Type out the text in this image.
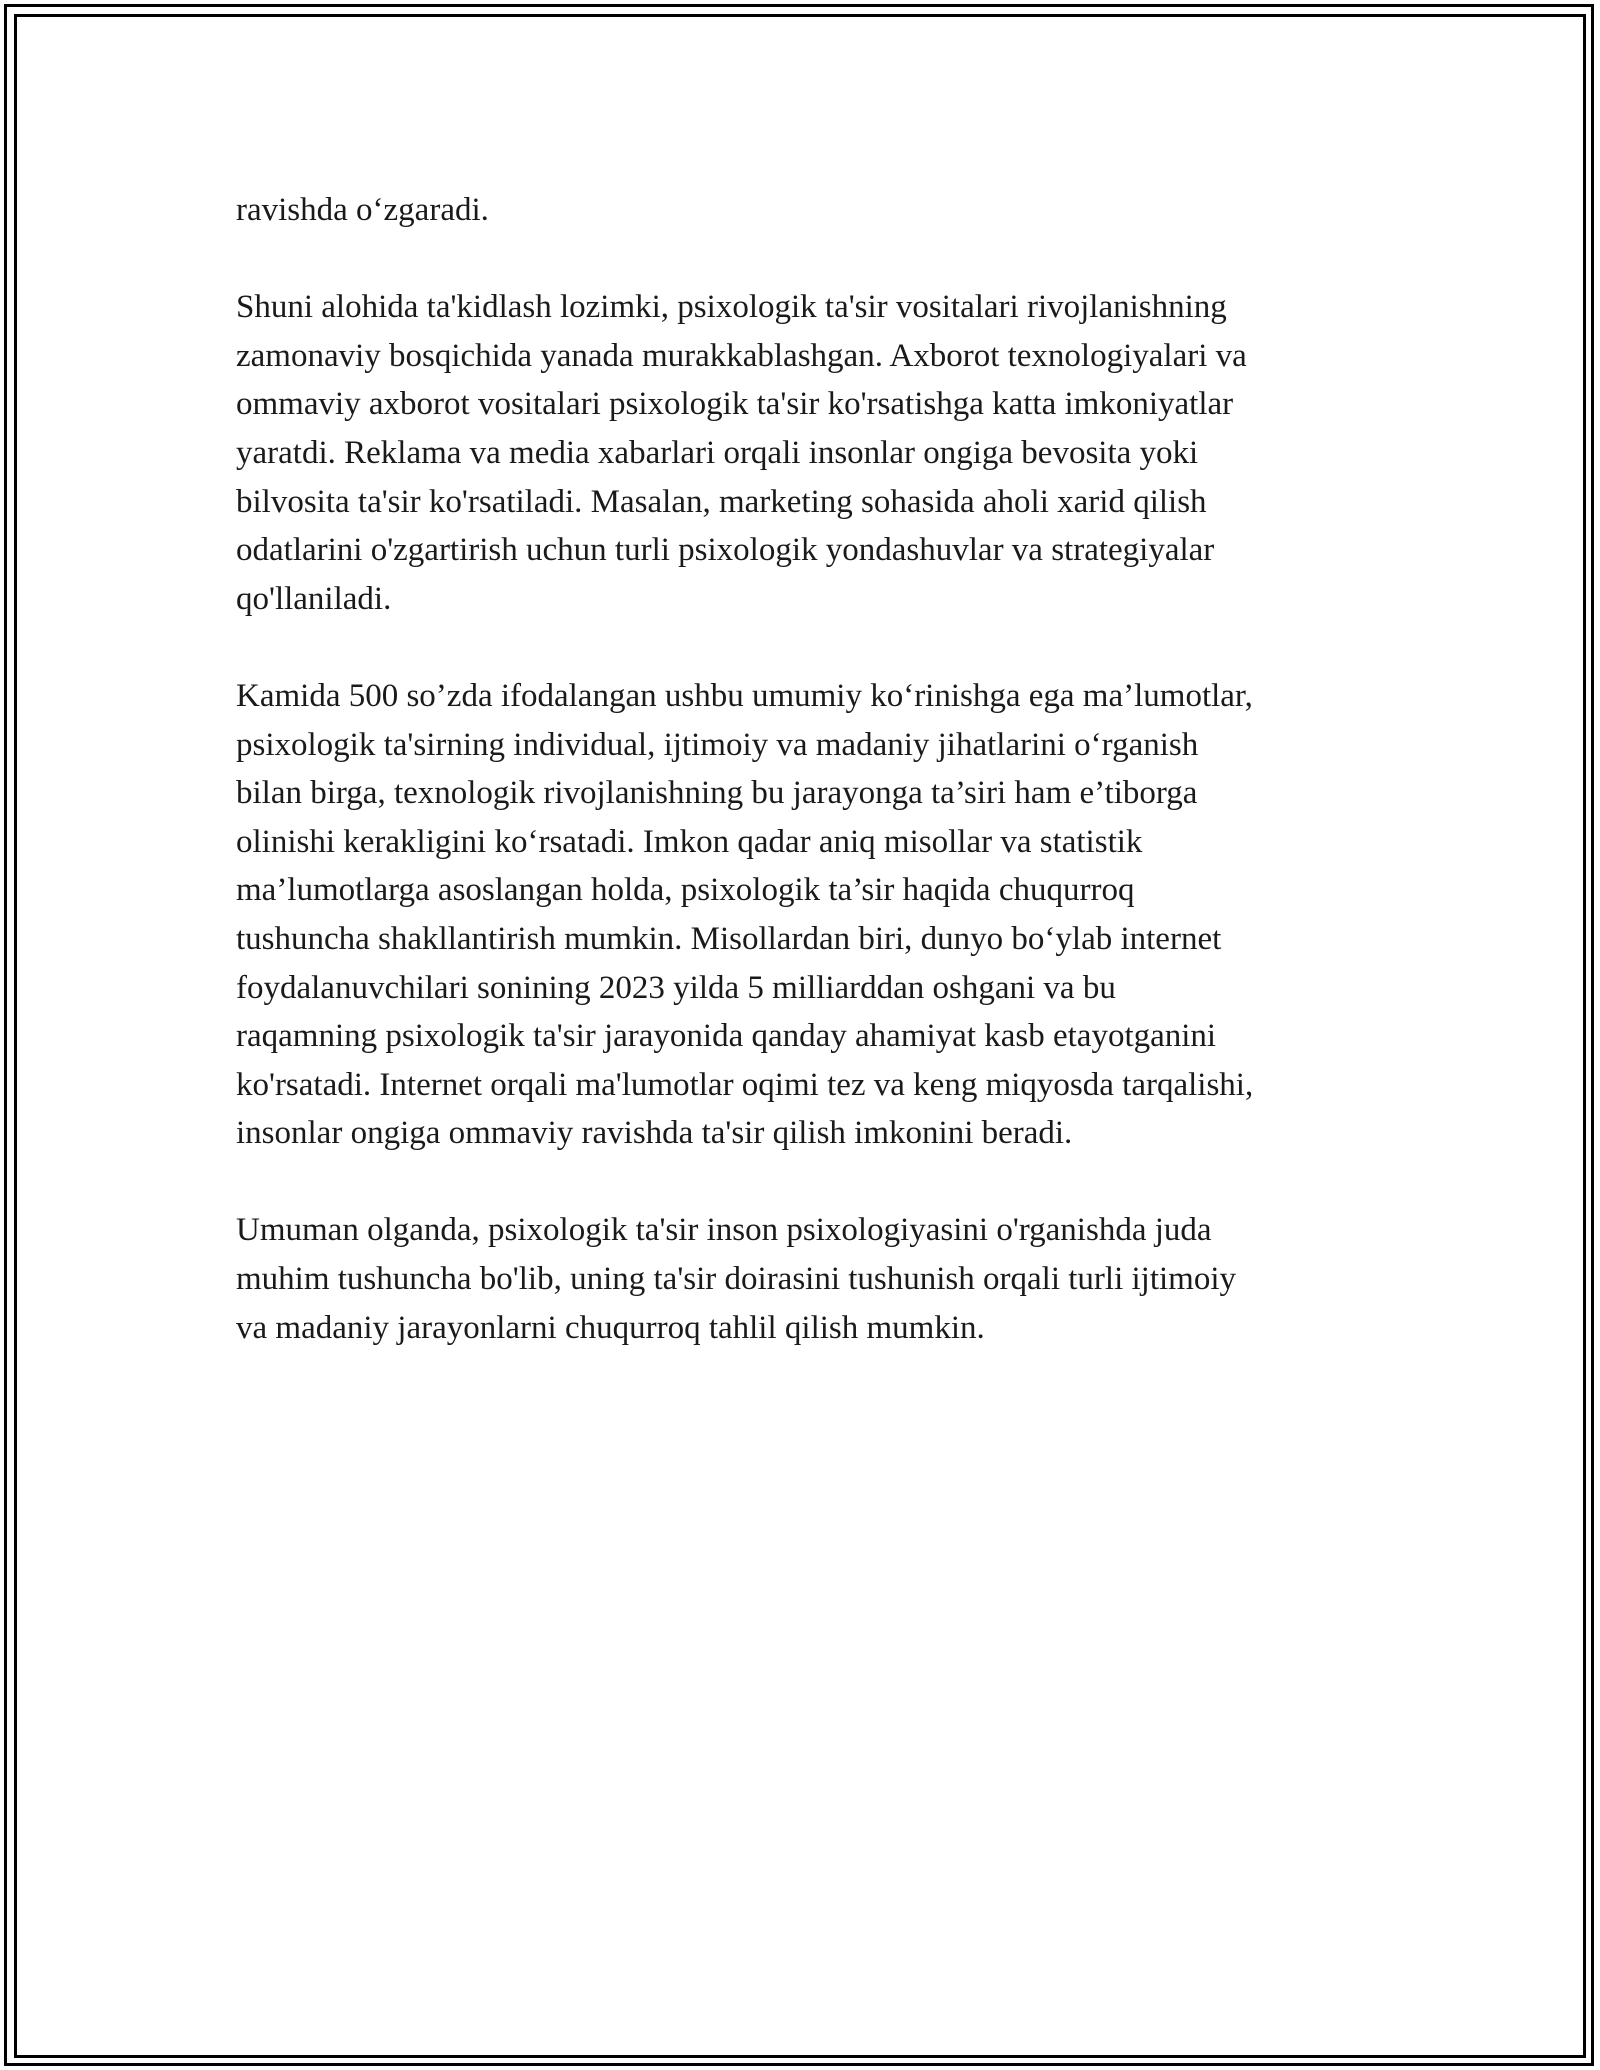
ravishda o‘zgaradi.
Shuni alohida ta'kidlash lozimki, psixologik ta'sir vositalari rivojlanishning
zamonaviy bosqichida yanada murakkablashgan. Axborot texnologiyalari va
ommaviy axborot vositalari psixologik ta'sir ko'rsatishga katta imkoniyatlar
yaratdi. Reklama va media xabarlari orqali insonlar ongiga bevosita yoki
bilvosita ta'sir ko'rsatiladi. Masalan, marketing sohasida aholi xarid qilish
odatlarini o'zgartirish uchun turli psixologik yondashuvlar va strategiyalar
qo'llaniladi.
Kamida 500 so’zda ifodalangan ushbu umumiy ko‘rinishga ega ma’lumotlar,
psixologik ta'sirning individual, ijtimoiy va madaniy jihatlarini o‘rganish
bilan birga, texnologik rivojlanishning bu jarayonga ta’siri ham e’tiborga
olinishi kerakligini ko‘rsatadi. Imkon qadar aniq misollar va statistik
ma’lumotlarga asoslangan holda, psixologik ta’sir haqida chuqurroq
tushuncha shakllantirish mumkin. Misollardan biri, dunyo bo‘ylab internet
foydalanuvchilari sonining 2023 yilda 5 milliarddan oshgani va bu
raqamning psixologik ta'sir jarayonida qanday ahamiyat kasb etayotganini
ko'rsatadi. Internet orqali ma'lumotlar oqimi tez va keng miqyosda tarqalishi,
insonlar ongiga ommaviy ravishda ta'sir qilish imkonini beradi.
Umuman olganda, psixologik ta'sir inson psixologiyasini o'rganishda juda
muhim tushuncha bo'lib, uning ta'sir doirasini tushunish orqali turli ijtimoiy
va madaniy jarayonlarni chuqurroq tahlil qilish mumkin.
